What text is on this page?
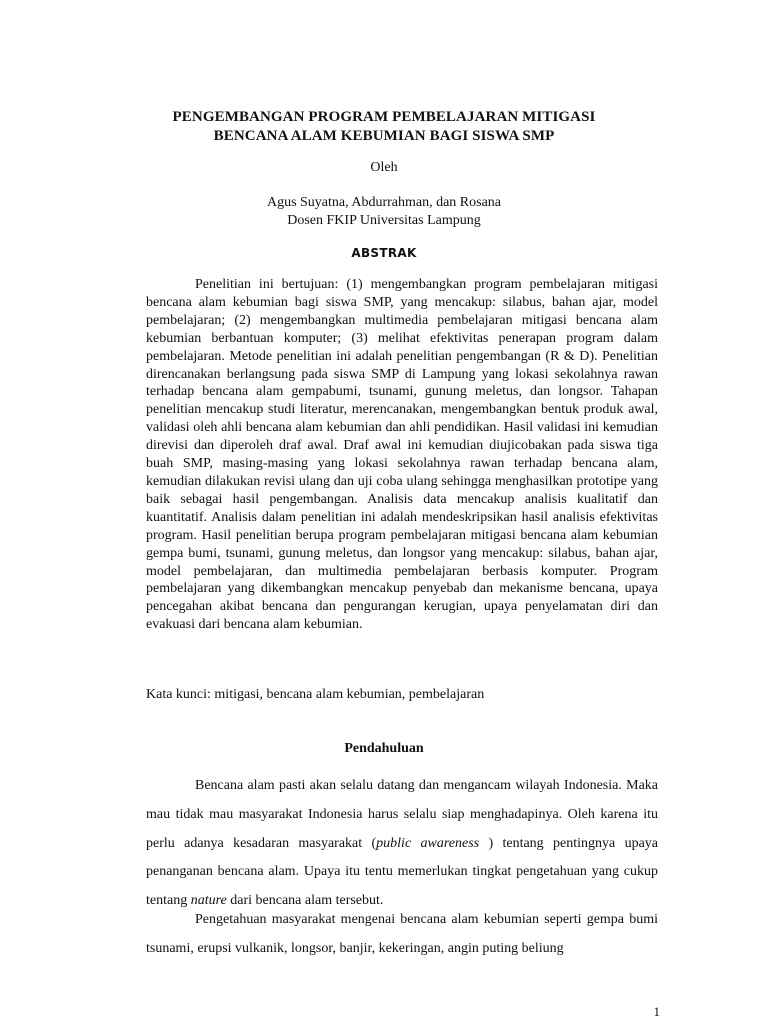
PENGEMBANGAN PROGRAM PEMBELAJARAN MITIGASI
BENCANA ALAM KEBUMIAN BAGI SISWA SMP
Oleh
Agus Suyatna, Abdurrahman, dan Rosana
Dosen FKIP Universitas Lampung
ABSTRAK

Penelitian ini bertujuan: (1) mengembangkan program pembelajaran mitigasi bencana alam kebumian bagi siswa SMP, yang mencakup: silabus, bahan ajar, model pembelajaran; (2) mengembangkan multimedia pembelajaran mitigasi bencana alam kebumian berbantuan komputer; (3) melihat efektivitas penerapan program dalam pembelajaran. Metode penelitian ini adalah penelitian pengembangan (R & D). Penelitian direncanakan berlangsung pada siswa SMP di Lampung yang lokasi sekolahnya rawan terhadap bencana alam gempabumi, tsunami, gunung meletus, dan longsor. Tahapan penelitian mencakup studi literatur, merencanakan, mengembangkan bentuk produk awal, validasi oleh ahli bencana alam kebumian dan ahli pendidikan. Hasil validasi ini kemudian direvisi dan diperoleh draf awal. Draf awal ini kemudian diujicobakan pada siswa tiga buah SMP, masing-masing yang lokasi sekolahnya rawan terhadap bencana alam, kemudian dilakukan revisi ulang dan uji coba ulang sehingga menghasilkan prototipe yang baik sebagai hasil pengembangan. Analisis data mencakup analisis kualitatif dan kuantitatif. Analisis dalam penelitian ini adalah mendeskripsikan hasil analisis efektivitas program. Hasil penelitian berupa program pembelajaran mitigasi bencana alam kebumian gempa bumi, tsunami, gunung meletus, dan longsor yang mencakup: silabus, bahan ajar, model pembelajaran, dan multimedia pembelajaran berbasis komputer. Program pembelajaran yang dikembangkan mencakup penyebab dan mekanisme bencana, upaya pencegahan akibat bencana dan pengurangan kerugian, upaya penyelamatan diri dan evakuasi dari bencana alam kebumian.

Kata kunci: mitigasi, bencana alam kebumian, pembelajaran

Pendahuluan

Bencana alam pasti akan selalu datang dan mengancam wilayah Indonesia. Maka mau tidak mau masyarakat Indonesia harus selalu siap menghadapinya. Oleh karena itu perlu adanya kesadaran masyarakat (public awareness ) tentang pentingnya upaya penanganan bencana alam. Upaya itu tentu memerlukan tingkat pengetahuan yang cukup tentang nature dari bencana alam tersebut.

Pengetahuan masyarakat mengenai bencana alam kebumian seperti gempa bumi tsunami, erupsi vulkanik, longsor, banjir, kekeringan, angin puting beliung

1
